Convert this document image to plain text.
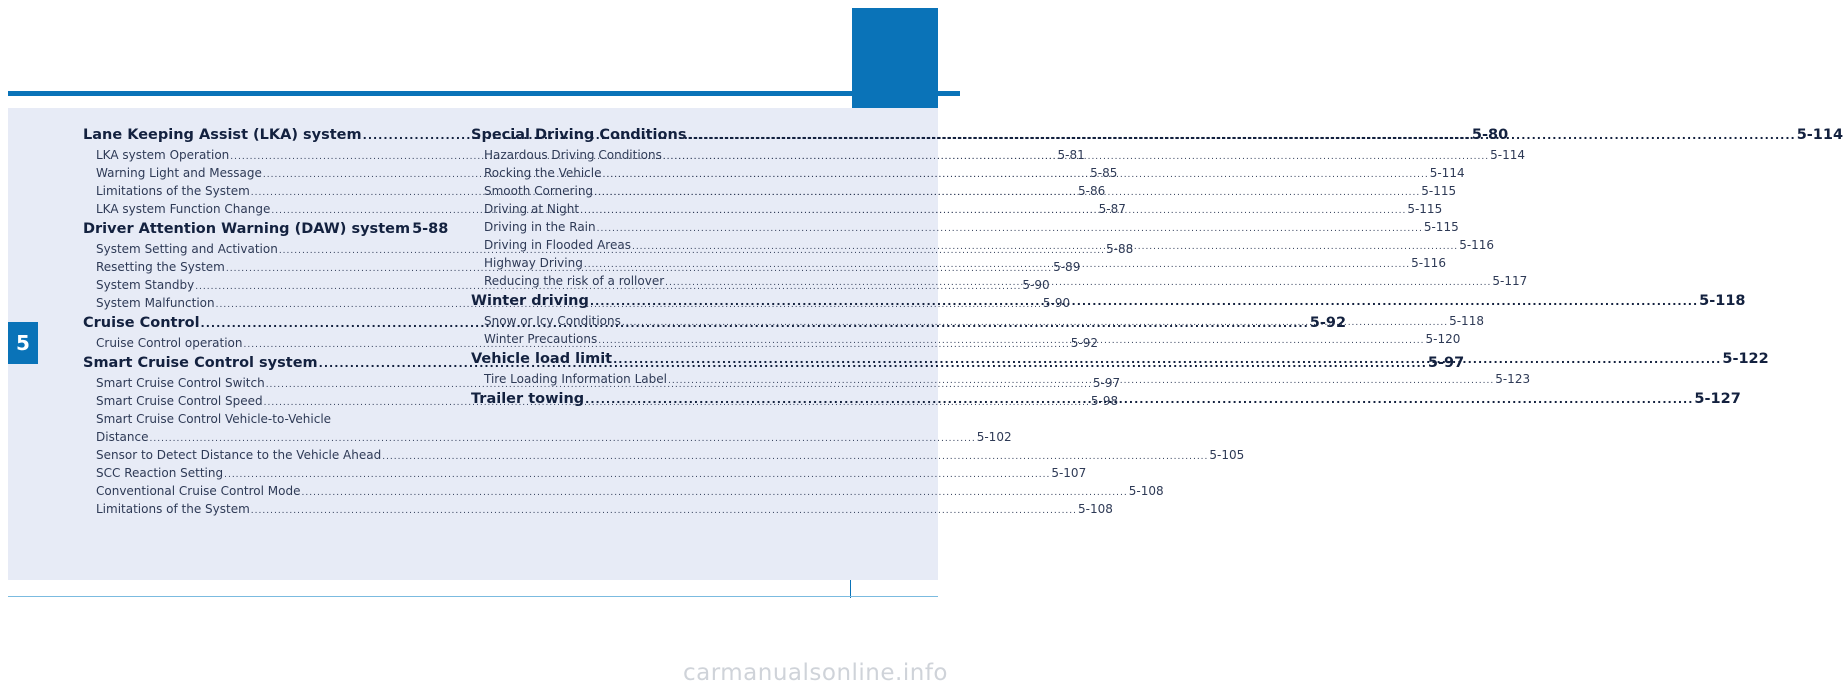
5
Lane Keeping Assist (LKA) system .....	5-80
LKA system Operation .....	5-81
Warning Light and Message .....	5-85
Limitations of the System .....	5-86
LKA system Function Change .....	5-87
Driver Attention Warning (DAW) system 5-88
System Setting and Activation .....	5-88
Resetting the System .....	5-89
System Standby .....	5-90
System Malfunction .....	5-90
Cruise Control .....	5-92
Cruise Control operation .....	5-92
Smart Cruise Control system .....	5-97
Smart Cruise Control Switch .....	5-97
Smart Cruise Control Speed .....	5-98
Smart Cruise Control Vehicle-to-Vehicle
Distance .....	5-102
Sensor to Detect Distance to the Vehicle Ahead .....	5-105
SCC Reaction Setting .....	5-107
Conventional Cruise Control Mode .....	5-108
Limitations of the System .....	5-108
Special Driving Conditions .....	5-114
Hazardous Driving Conditions .....	5-114
Rocking the Vehicle .....	5-114
Smooth Cornering .....	5-115
Driving at Night .....	5-115
Driving in the Rain .....	5-115
Driving in Flooded Areas .....	5-116
Highway Driving .....	5-116
Reducing the risk of a rollover .....	5-117
Winter driving .....	5-118
Snow or Icy Conditions .....	5-118
Winter Precautions .....	5-120
Vehicle load limit .....	5-122
Tire Loading Information Label .....	5-123
Trailer towing .....	5-127
carmanualsonline.info
